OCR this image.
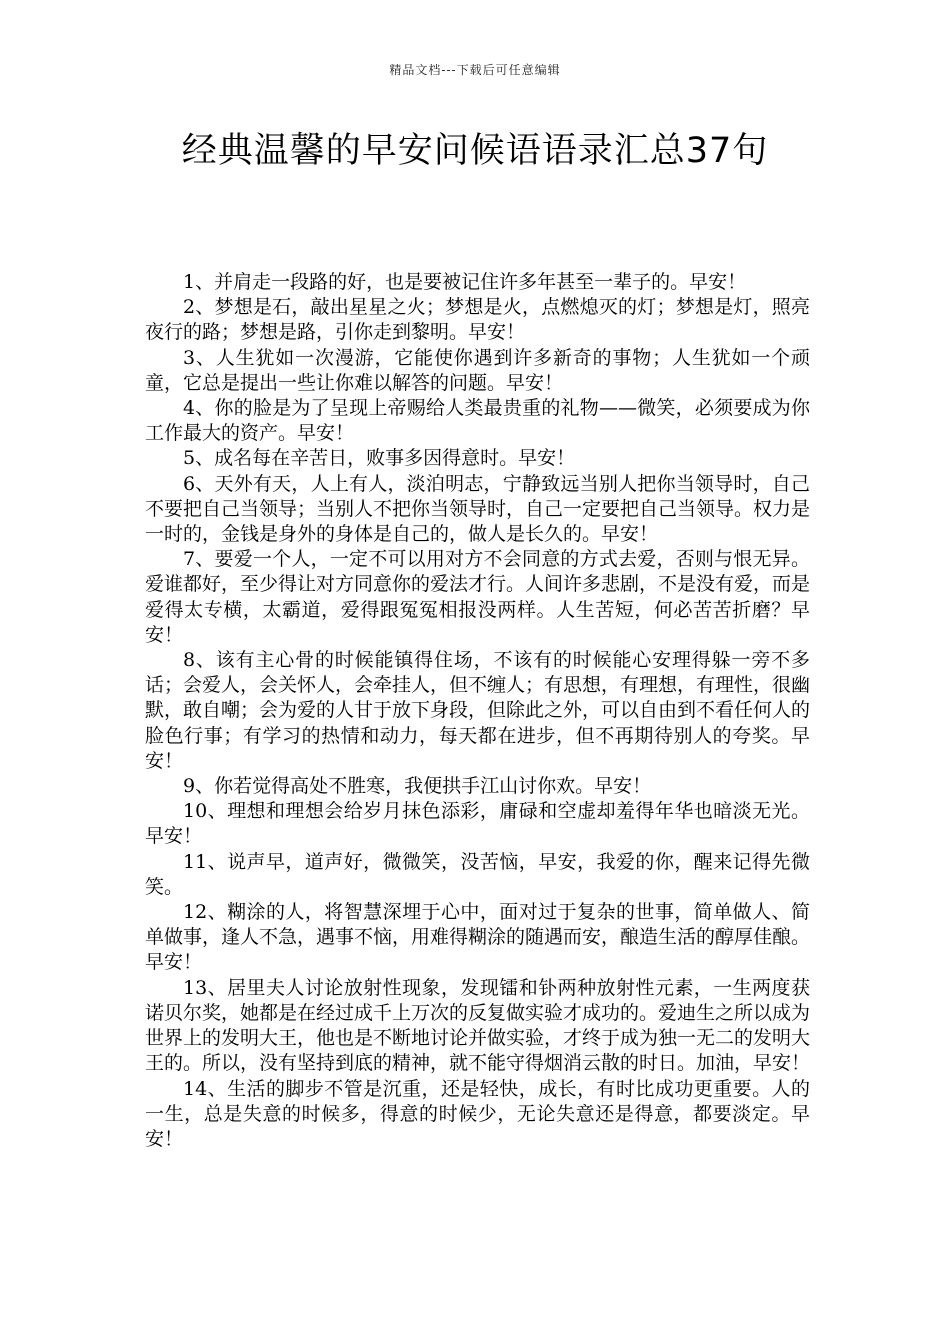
精品文档---下载后可任意编辑
经典温馨的早安问候语语录汇总37句

1、并肩走一段路的好，也是要被记住许多年甚至一辈子的。早安！

2、梦想是石，敲出星星之火；梦想是火，点燃熄灭的灯；梦想是灯，照亮夜行的路；梦想是路，引你走到黎明。早安！

3、人生犹如一次漫游，它能使你遇到许多新奇的事物；人生犹如一个顽童，它总是提出一些让你难以解答的问题。早安！

4、你的脸是为了呈现上帝赐给人类最贵重的礼物——微笑，必须要成为你工作最大的资产。早安！

5、成名每在辛苦日，败事多因得意时。早安！

6、天外有天，人上有人，淡泊明志，宁静致远当别人把你当领导时，自己不要把自己当领导；当别人不把你当领导时，自己一定要把自己当领导。权力是一时的，金钱是身外的身体是自己的，做人是长久的。早安！

7、要爱一个人，一定不可以用对方不会同意的方式去爱，否则与恨无异。爱谁都好，至少得让对方同意你的爱法才行。人间许多悲剧，不是没有爱，而是爱得太专横，太霸道，爱得跟冤冤相报没两样。人生苦短，何必苦苦折磨？早安！

8、该有主心骨的时候能镇得住场，不该有的时候能心安理得躲一旁不多话；会爱人，会关怀人，会牵挂人，但不缠人；有思想，有理想，有理性，很幽默，敢自嘲；会为爱的人甘于放下身段，但除此之外，可以自由到不看任何人的脸色行事；有学习的热情和动力，每天都在进步，但不再期待别人的夸奖。早安！

9、你若觉得高处不胜寒，我便拱手江山讨你欢。早安！

10、理想和理想会给岁月抹色添彩，庸碌和空虚却羞得年华也暗淡无光。早安！

11、说声早，道声好，微微笑，没苦恼，早安，我爱的你，醒来记得先微笑。

12、糊涂的人，将智慧深埋于心中，面对过于复杂的世事，简单做人、简单做事，逢人不急，遇事不恼，用难得糊涂的随遇而安，酿造生活的醇厚佳酿。早安！

13、居里夫人讨论放射性现象，发现镭和钋两种放射性元素，一生两度获诺贝尔奖，她都是在经过成千上万次的反复做实验才成功的。爱迪生之所以成为世界上的发明大王，他也是不断地讨论并做实验，才终于成为独一无二的发明大王的。所以，没有坚持到底的精神，就不能守得烟消云散的时日。加油，早安！

14、生活的脚步不管是沉重，还是轻快，成长，有时比成功更重要。人的一生，总是失意的时候多，得意的时候少，无论失意还是得意，都要淡定。早安！
